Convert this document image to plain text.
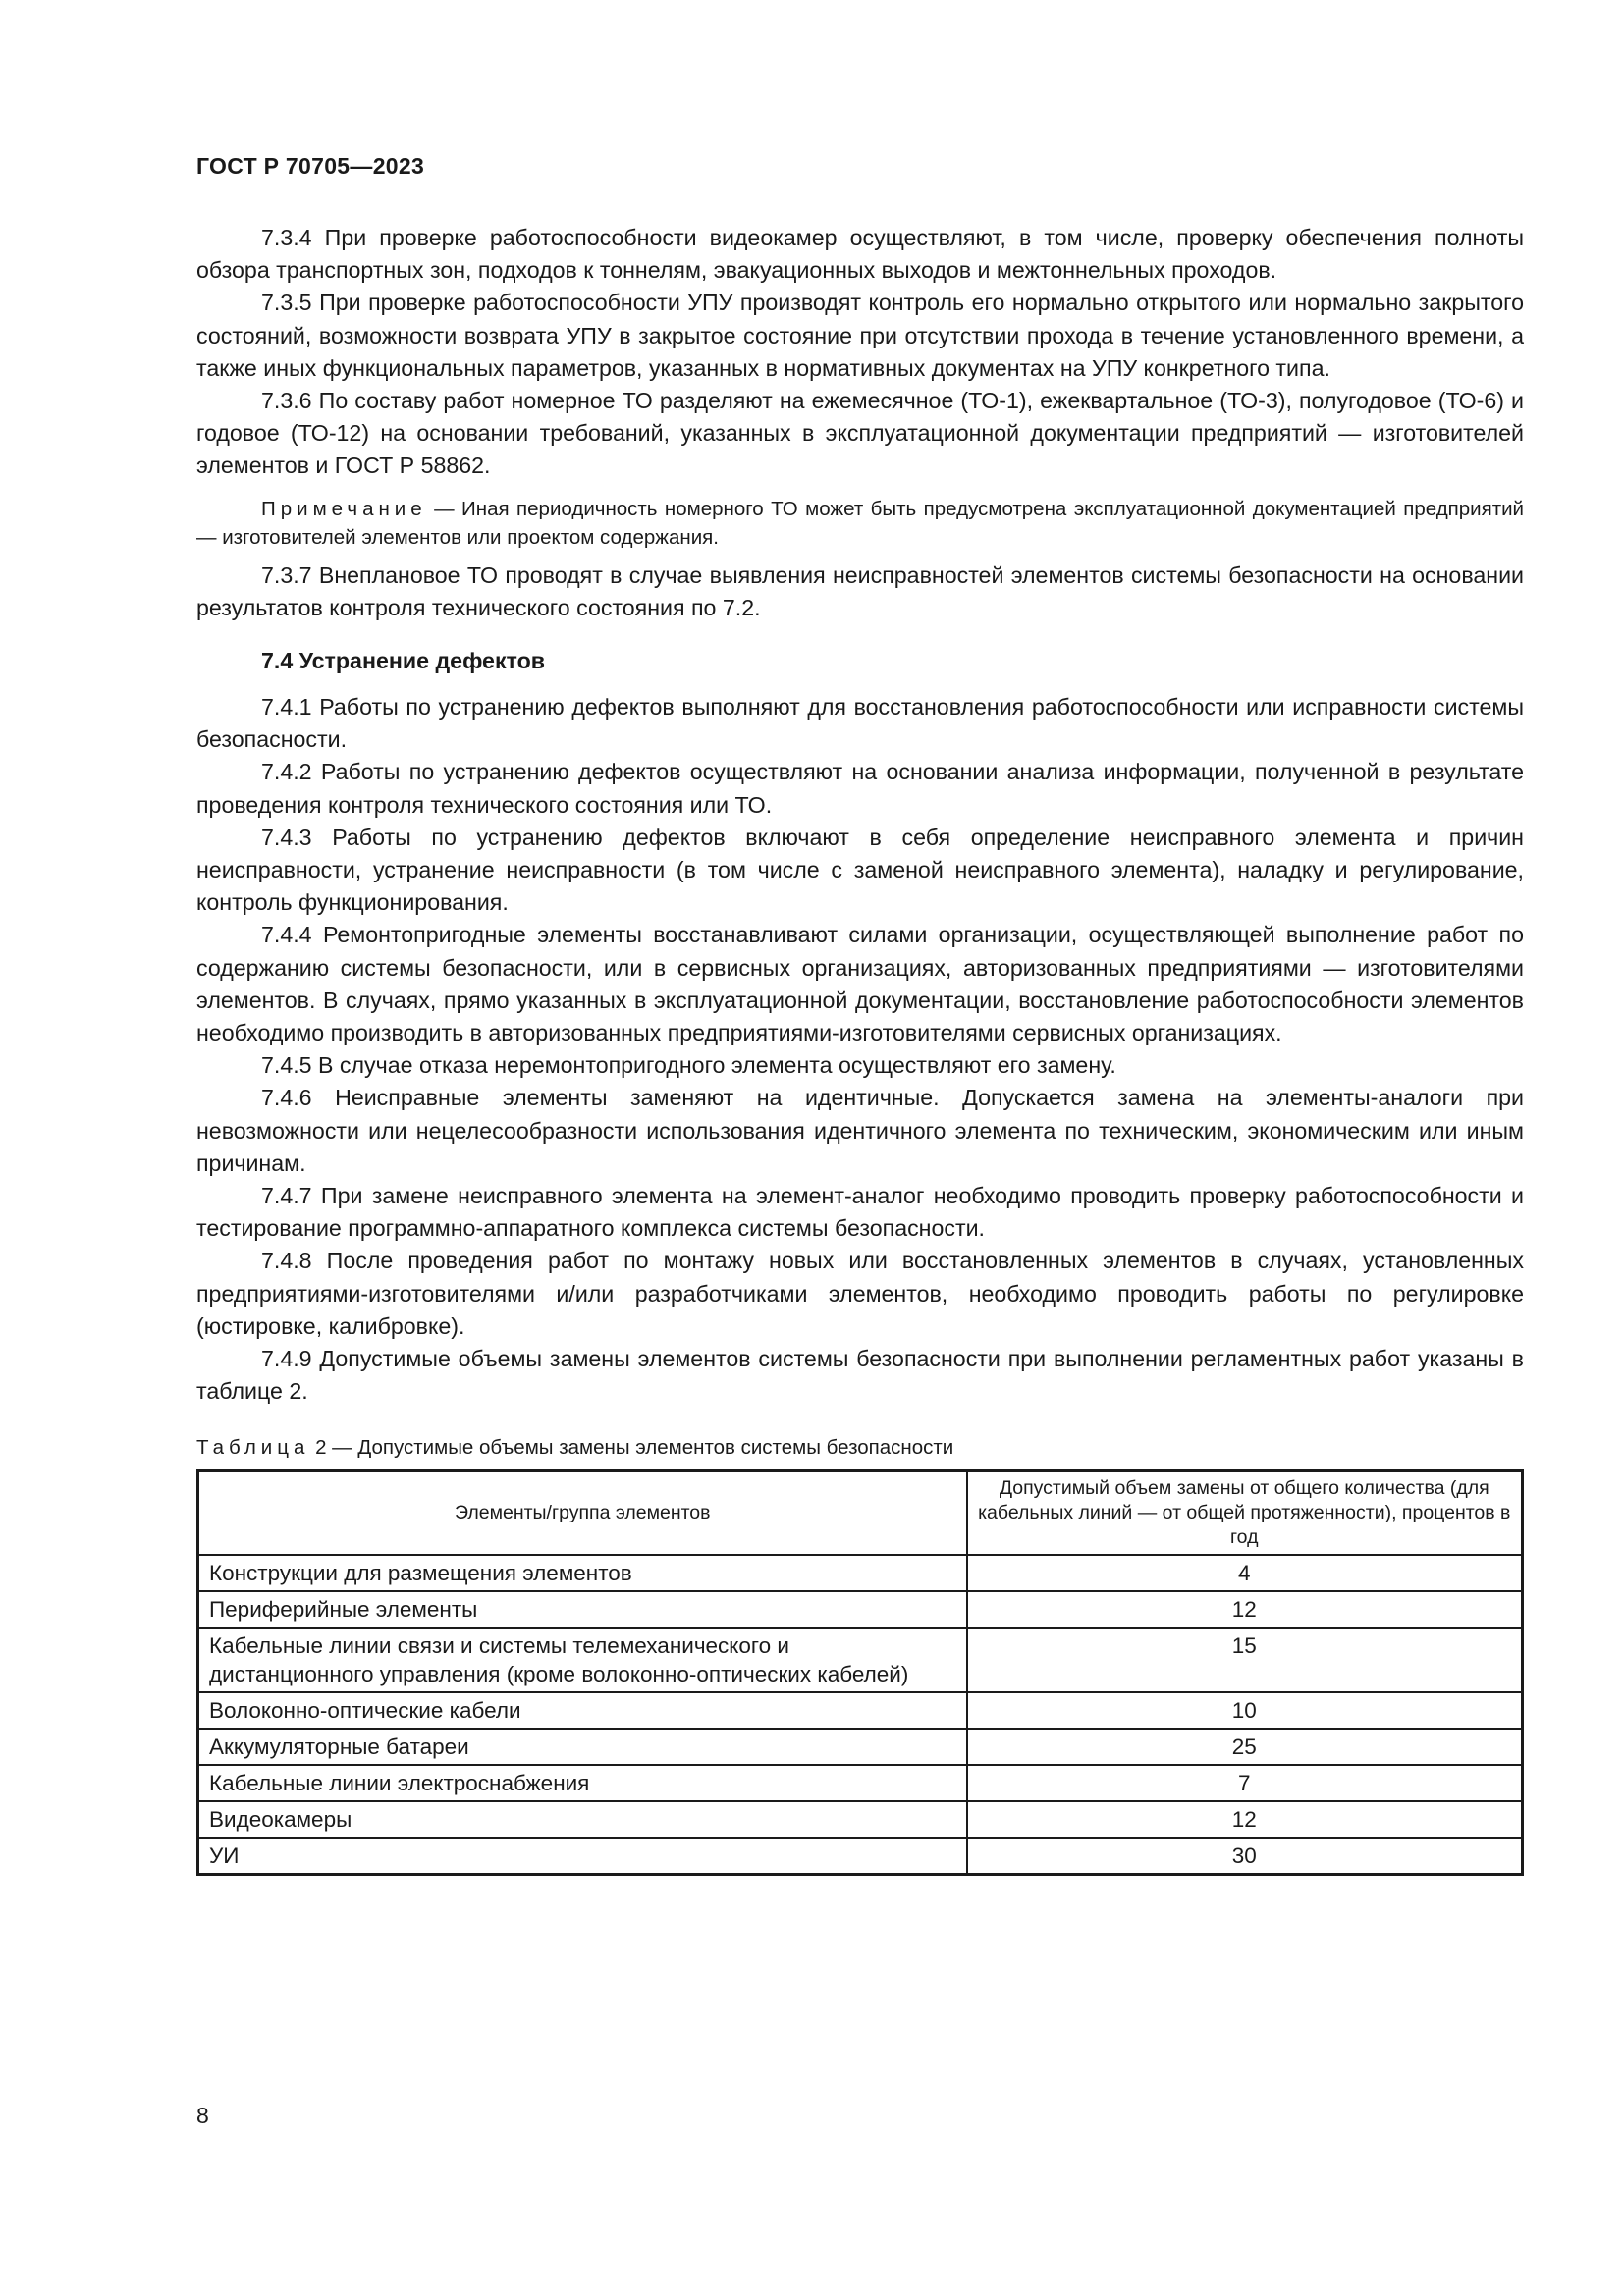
ГОСТ Р 70705—2023

7.3.4 При проверке работоспособности видеокамер осуществляют, в том числе, проверку обеспечения полноты обзора транспортных зон, подходов к тоннелям, эвакуационных выходов и межтоннельных проходов.

7.3.5 При проверке работоспособности УПУ производят контроль его нормально открытого или нормально закрытого состояний, возможности возврата УПУ в закрытое состояние при отсутствии прохода в течение установленного времени, а также иных функциональных параметров, указанных в нормативных документах на УПУ конкретного типа.

7.3.6 По составу работ номерное ТО разделяют на ежемесячное (ТО-1), ежеквартальное (ТО-3), полугодовое (ТО-6) и годовое (ТО-12) на основании требований, указанных в эксплуатационной документации предприятий — изготовителей элементов и ГОСТ Р 58862.

Примечание — Иная периодичность номерного ТО может быть предусмотрена эксплуатационной документацией предприятий — изготовителей элементов или проектом содержания.

7.3.7 Внеплановое ТО проводят в случае выявления неисправностей элементов системы безопасности на основании результатов контроля технического состояния по 7.2.

7.4 Устранение дефектов

7.4.1 Работы по устранению дефектов выполняют для восстановления работоспособности или исправности системы безопасности.

7.4.2 Работы по устранению дефектов осуществляют на основании анализа информации, полученной в результате проведения контроля технического состояния или ТО.

7.4.3 Работы по устранению дефектов включают в себя определение неисправного элемента и причин неисправности, устранение неисправности (в том числе с заменой неисправного элемента), наладку и регулирование, контроль функционирования.

7.4.4 Ремонтопригодные элементы восстанавливают силами организации, осуществляющей выполнение работ по содержанию системы безопасности, или в сервисных организациях, авторизованных предприятиями — изготовителями элементов. В случаях, прямо указанных в эксплуатационной документации, восстановление работоспособности элементов необходимо производить в авторизованных предприятиями-изготовителями сервисных организациях.

7.4.5 В случае отказа неремонтопригодного элемента осуществляют его замену.

7.4.6 Неисправные элементы заменяют на идентичные. Допускается замена на элементы-аналоги при невозможности или нецелесообразности использования идентичного элемента по техническим, экономическим или иным причинам.

7.4.7 При замене неисправного элемента на элемент-аналог необходимо проводить проверку работоспособности и тестирование программно-аппаратного комплекса системы безопасности.

7.4.8 После проведения работ по монтажу новых или восстановленных элементов в случаях, установленных предприятиями-изготовителями и/или разработчиками элементов, необходимо проводить работы по регулировке (юстировке, калибровке).

7.4.9 Допустимые объемы замены элементов системы безопасности при выполнении регламентных работ указаны в таблице 2.

Таблица 2 — Допустимые объемы замены элементов системы безопасности
Элементы/группа элементов	Допустимый объем замены от общего количества (для кабельных линий — от общей протяженности), процентов в год
Конструкции для размещения элементов	4
Периферийные элементы	12
Кабельные линии связи и системы телемеханического и дистанционного управления (кроме волоконно-оптических кабелей)	15
Волоконно-оптические кабели	10
Аккумуляторные батареи	25
Кабельные линии электроснабжения	7
Видеокамеры	12
УИ	30
8
